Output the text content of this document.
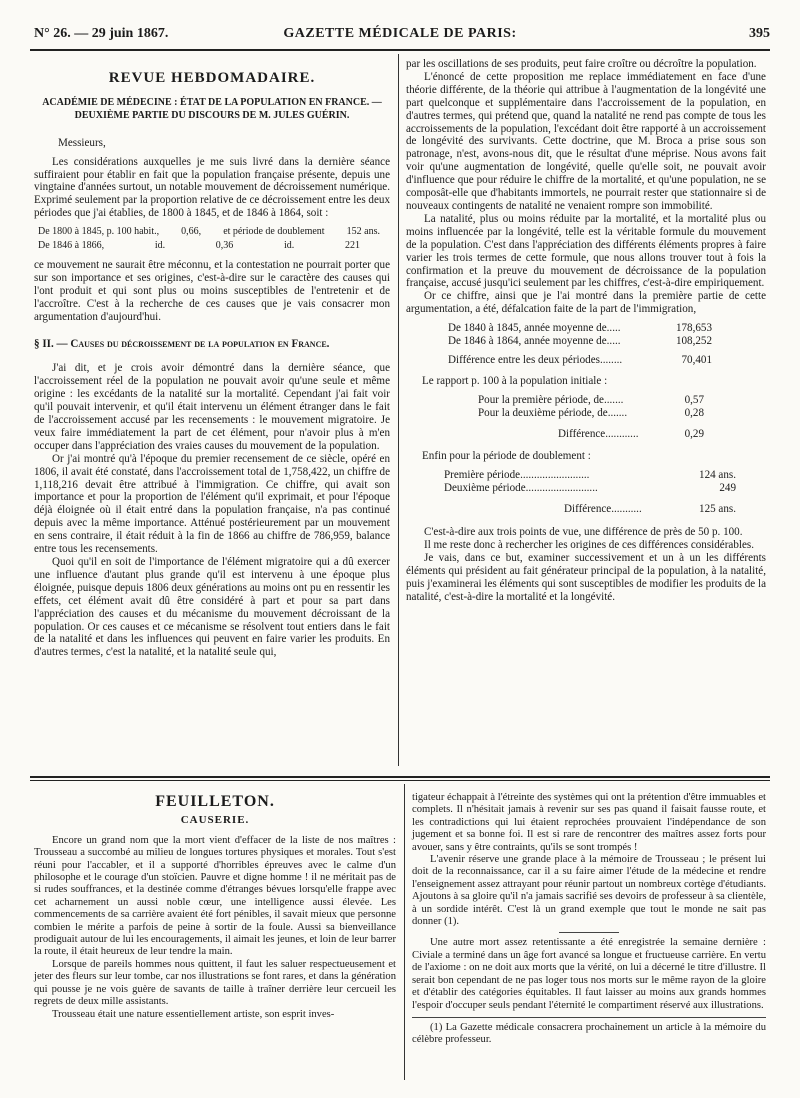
N° 26. — 29 juin 1867.	GAZETTE MÉDICALE DE PARIS:	395
REVUE HEBDOMADAIRE.

ACADÉMIE DE MÉDECINE : ÉTAT DE LA POPULATION EN FRANCE. — DEUXIÈME PARTIE DU DISCOURS DE M. JULES GUÉRIN.

Messieurs,

Les considérations auxquelles je me suis livré dans la dernière séance suffiraient pour établir en fait que la population française présente, depuis une vingtaine d'années surtout, un notable mouvement de décroissement numérique. Exprimé seulement par la proportion relative de ce décroissement entre les deux périodes que j'ai établies, de 1800 à 1845, et de 1846 à 1864, soit :

De 1800 à 1845, p. 100 habit., 0,66, et période de doublement 152 ans.
De 1846 à 1866,	id.	0,36	id.	221

ce mouvement ne saurait être méconnu, et la contestation ne pourrait porter que sur son importance et ses origines, c'est-à-dire sur le caractère des causes qui l'ont produit et qui sont plus ou moins susceptibles de l'entretenir et de l'accroître. C'est à la recherche de ces causes que je vais consacrer mon argumentation d'aujourd'hui.

§ II. — Causes du décroissement de la population en France.

J'ai dit, et je crois avoir démontré dans la dernière séance, que l'accroissement réel de la population ne pouvait avoir qu'une seule et même origine : les excédants de la natalité sur la mortalité. Cependant j'ai fait voir qu'il pouvait intervenir, et qu'il était intervenu un élément étranger dans le fait de l'accroissement accusé par les recensements : le mouvement migratoire. Je veux faire immédiatement la part de cet élément, pour n'avoir plus à m'en occuper dans l'appréciation des vraies causes du mouvement de la population.

Or j'ai montré qu'à l'époque du premier recensement de ce siècle, opéré en 1806, il avait été constaté, dans l'accroissement total de 1,758,422, un chiffre de 1,118,216 devait être attribué à l'immigration. Ce chiffre, qui avait son importance et pour la proportion de l'élément qu'il exprimait, et pour l'époque déjà éloignée où il était entré dans la population française, n'a pas continué depuis avec la même importance. Atténué postérieurement par un mouvement en sens contraire, il était réduit à la fin de 1866 au chiffre de 786,959, balance entre tous les recensements.

Quoi qu'il en soit de l'importance de l'élément migratoire qui a dû exercer une influence d'autant plus grande qu'il est intervenu à une époque plus éloignée, puisque depuis 1806 deux générations au moins ont pu en ressentir les effets, cet élément avait dû être considéré à part et pour sa part dans l'appréciation des causes et du mécanisme du mouvement décroissant de la population. Or ces causes et ce mécanisme se résolvent tout entiers dans le fait de la natalité et dans les influences qui peuvent en faire varier les produits. En d'autres termes, c'est la natalité, et la natalité seule qui,

par les oscillations de ses produits, peut faire croître ou décroître la population.

L'énoncé de cette proposition me replace immédiatement en face d'une théorie différente, de la théorie qui attribue à l'augmentation de la longévité une part quelconque et supplémentaire dans l'accroissement de la population, en d'autres termes, qui prétend que, quand la natalité ne rend pas compte de tous les accroissements de la population, l'excédant doit être rapporté à un accroissement de longévité des survivants. Cette doctrine, que M. Broca a prise sous son patronage, n'est, avons-nous dit, que le résultat d'une méprise. Nous avons fait voir qu'une augmentation de longévité, quelle qu'elle soit, ne pouvait avoir d'influence que pour réduire le chiffre de la mortalité, et qu'une population, ne se composât-elle que d'habitants immortels, ne pourrait rester que stationnaire si de nouveaux contingents de natalité ne venaient rompre son immobilité.

La natalité, plus ou moins réduite par la mortalité, et la mortalité plus ou moins influencée par la longévité, telle est la véritable formule du mouvement de la population. C'est dans l'appréciation des différents éléments propres à faire varier les trois termes de cette formule, que nous allons trouver tout à fois la confirmation et la preuve du mouvement de décroissance de la population française, accusé jusqu'ici seulement par les chiffres, c'est-à-dire empiriquement.

Or ce chiffre, ainsi que je l'ai montré dans la première partie de cette argumentation, a été, défalcation faite de la part de l'immigration,

De 1840 à 1845, année moyenne de.....	178,653
De 1846 à 1864, année moyenne de.....	108,252
Différence entre les deux périodes........	70,401

Le rapport p. 100 à la population initiale :

Pour la première période, de.......	0,57
Pour la deuxième période, de.......	0,28
Différence............	0,29

Enfin pour la période de doublement :

Première période.........................	124 ans.
Deuxième période..........................	249
Différence...........	125 ans.

C'est-à-dire aux trois points de vue, une différence de près de 50 p. 100.

Il me reste donc à rechercher les origines de ces différences considérables.

Je vais, dans ce but, examiner successivement et un à un les différents éléments qui président au fait générateur principal de la population, à la natalité, puis j'examinerai les éléments qui sont susceptibles de modifier les produits de la natalité, c'est-à-dire la mortalité et la longévité.

FEUILLETON.
CAUSERIE.

Encore un grand nom que la mort vient d'effacer de la liste de nos maîtres : Trousseau a succombé au milieu de longues tortures physiques et morales. Tout s'est réuni pour l'accabler, et il a supporté d'horribles épreuves avec le calme d'un philosophe et le courage d'un stoïcien. Pauvre et digne homme ! il ne méritait pas de si rudes souffrances, et la destinée comme d'étranges bévues lorsqu'elle frappe avec cet acharnement un aussi noble cœur, une intelligence aussi élevée. Les commencements de sa carrière avaient été fort pénibles, il savait mieux que personne combien le mérite a parfois de peine à sortir de la foule. Aussi sa bienveillance prodiguait autour de lui les encouragements, il aimait les jeunes, et loin de leur barrer la route, il était heureux de leur tendre la main.

Lorsque de pareils hommes nous quittent, il faut les saluer respectueusement et jeter des fleurs sur leur tombe, car nos illustrations se font rares, et dans la génération qui pousse je ne vois guère de savants de taille à traîner derrière leur cercueil les regrets de deux mille assistants.

Trousseau était une nature essentiellement artiste, son esprit inves-

tigateur échappait à l'étreinte des systèmes qui ont la prétention d'être immuables et complets. Il n'hésitait jamais à revenir sur ses pas quand il faisait fausse route, et les contradictions qui lui étaient reprochées prouvaient l'indépendance de son jugement et sa bonne foi. Il est si rare de rencontrer des maîtres assez forts pour avouer, sans y être contraints, qu'ils se sont trompés !

L'avenir réserve une grande place à la mémoire de Trousseau ; le présent lui doit de la reconnaissance, car il a su faire aimer l'étude de la médecine et rendre l'enseignement assez attrayant pour réunir partout un nombreux cortège d'étudiants. Ajoutons à sa gloire qu'il n'a jamais sacrifié ses devoirs de professeur à sa clientèle, à un sordide intérêt. C'est là un grand exemple que tout le monde ne sait pas donner (1).

Une autre mort assez retentissante a été enregistrée la semaine dernière : Civiale a terminé dans un âge fort avancé sa longue et fructueuse carrière. En vertu de l'axiome : on ne doit aux morts que la vérité, on lui a décerné le titre d'illustre. Il serait bon cependant de ne pas loger tous nos morts sur le même rayon de la gloire et d'établir des catégories équitables. Il faut laisser au moins aux grands hommes l'espoir d'occuper seuls pendant l'éternité le compartiment réservé aux illustrations.

(1) La Gazette médicale consacrera prochainement un article à la mémoire du célèbre professeur.
